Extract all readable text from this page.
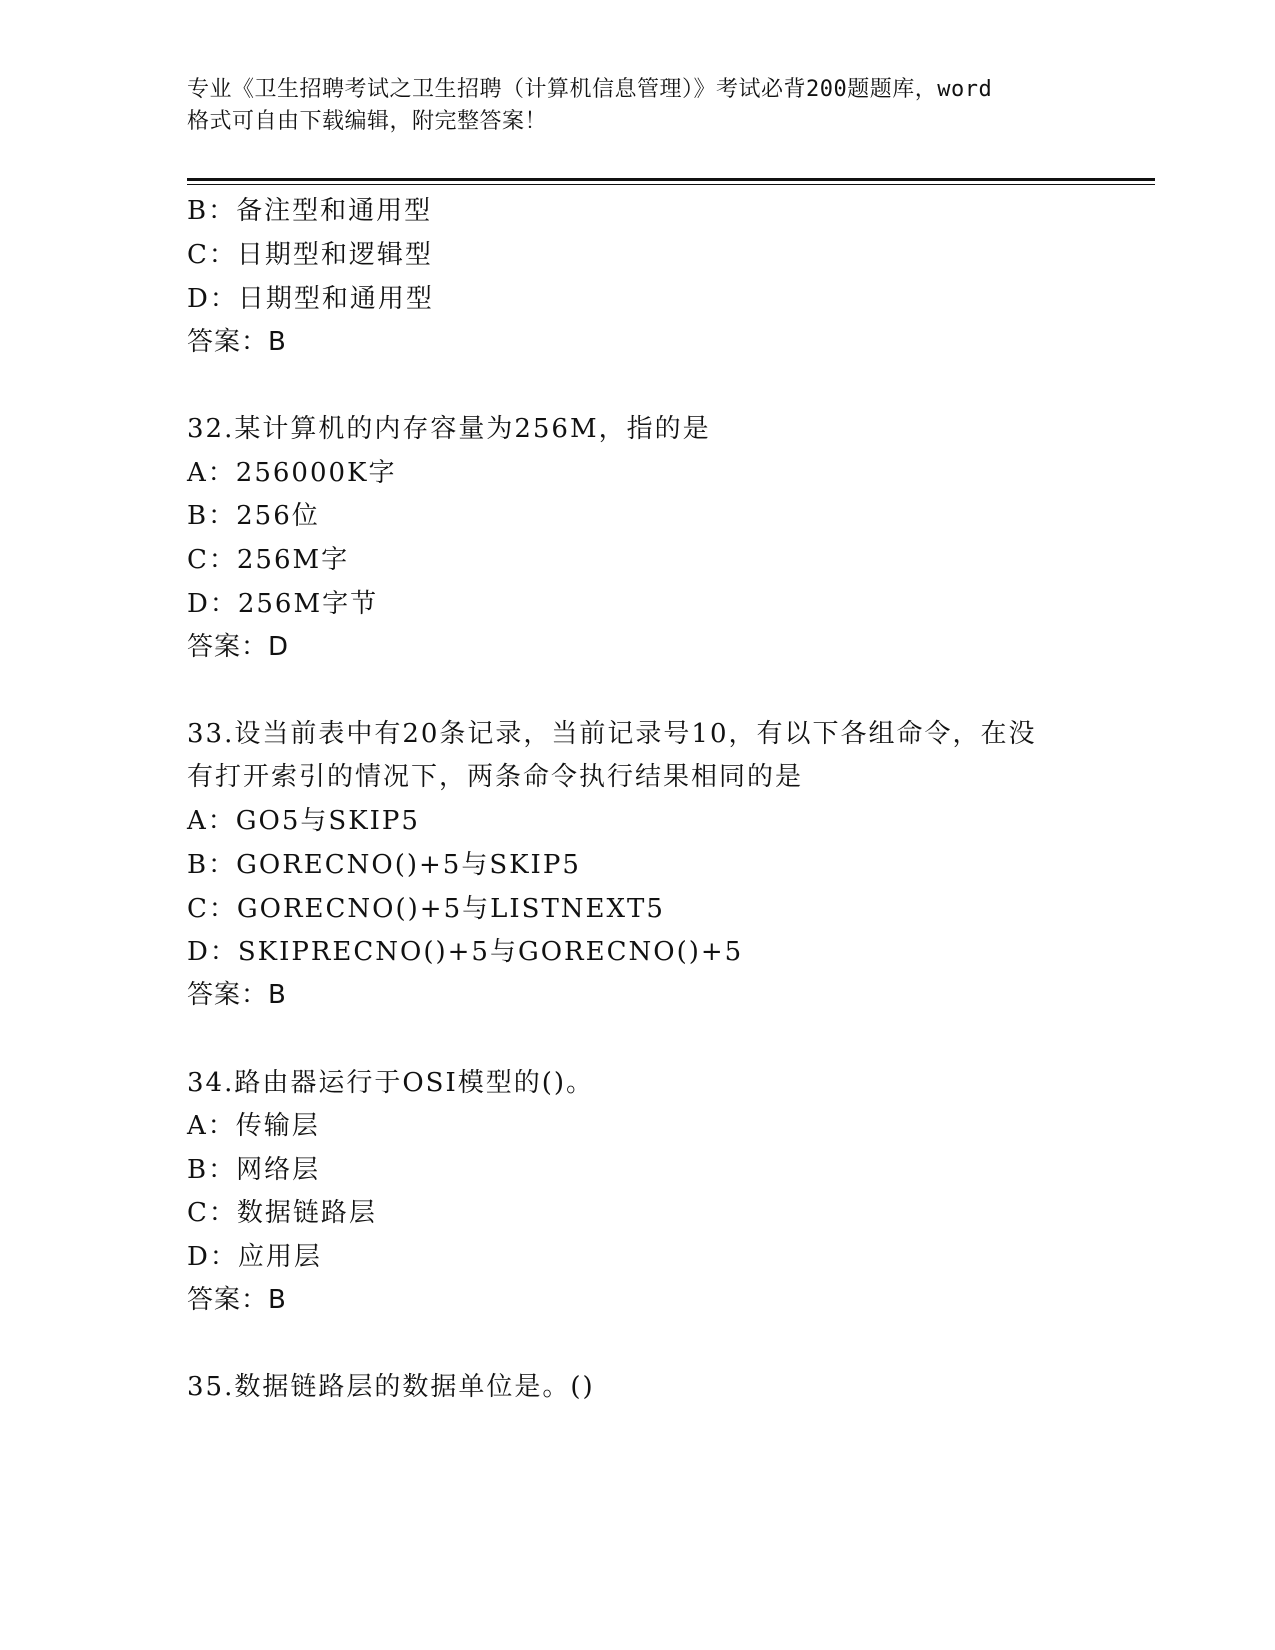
专业《卫生招聘考试之卫生招聘（计算机信息管理）》考试必背200题题库，word
格式可自由下载编辑，附完整答案！
B：备注型和通用型
C：日期型和逻辑型
D：日期型和通用型
答案：B
32.某计算机的内存容量为256M，指的是
A：256000K字
B：256位
C：256M字
D：256M字节
答案：D
33.设当前表中有20条记录，当前记录号10，有以下各组命令，在没
有打开索引的情况下，两条命令执行结果相同的是
A：GO5与SKIP5
B：GORECNO()+5与SKIP5
C：GORECNO()+5与LISTNEXT5
D：SKIPRECNO()+5与GORECNO()+5
答案：B
34.路由器运行于OSI模型的()。
A：传输层
B：网络层
C：数据链路层
D：应用层
答案：B
35.数据链路层的数据单位是。()
